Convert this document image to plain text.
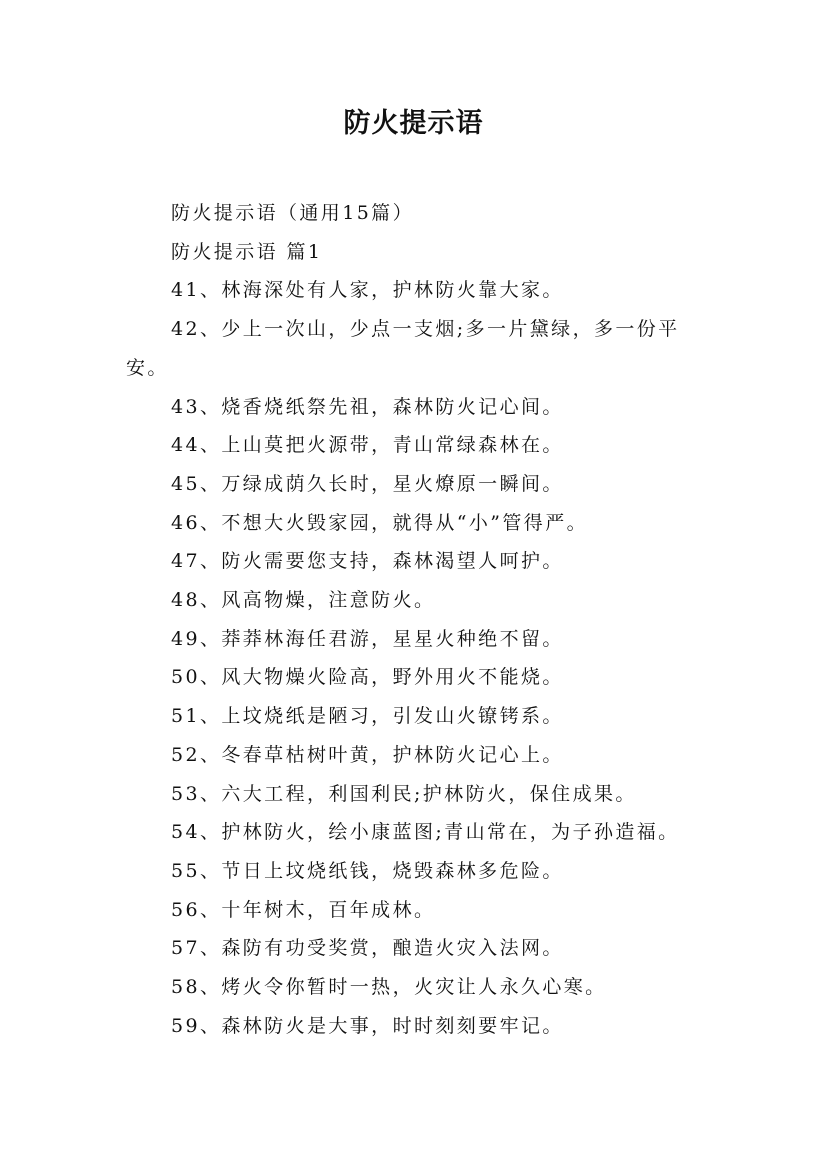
防火提示语

防火提示语（通用15篇）

防火提示语 篇1

41、林海深处有人家，护林防火靠大家。

42、少上一次山，少点一支烟;多一片黛绿，多一份平安。

43、烧香烧纸祭先祖，森林防火记心间。

44、上山莫把火源带，青山常绿森林在。

45、万绿成荫久长时，星火燎原一瞬间。

46、不想大火毁家园，就得从“小”管得严。

47、防火需要您支持，森林渴望人呵护。

48、风高物燥，注意防火。

49、莽莽林海任君游，星星火种绝不留。

50、风大物燥火险高，野外用火不能烧。

51、上坟烧纸是陋习，引发山火镣铐系。

52、冬春草枯树叶黄，护林防火记心上。

53、六大工程，利国利民;护林防火，保住成果。

54、护林防火，绘小康蓝图;青山常在，为子孙造福。

55、节日上坟烧纸钱，烧毁森林多危险。

56、十年树木，百年成林。

57、森防有功受奖赏，酿造火灾入法网。

58、烤火令你暂时一热，火灾让人永久心寒。

59、森林防火是大事，时时刻刻要牢记。
